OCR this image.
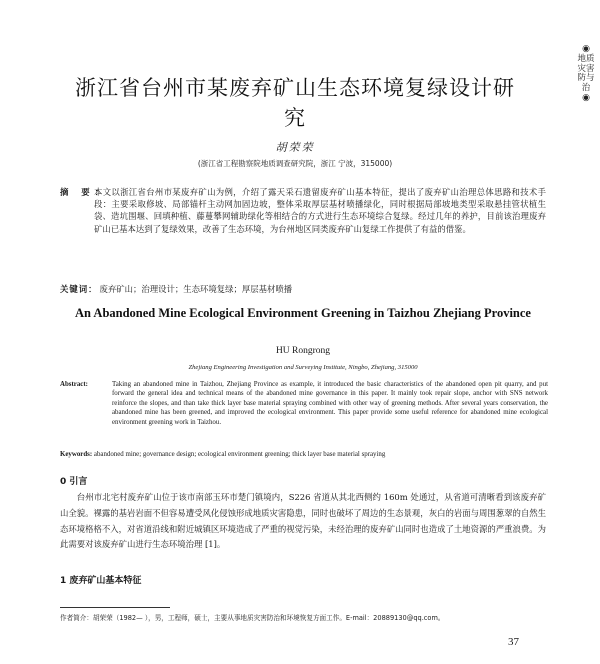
◉
地质灾害防与治
◉
浙江省台州市某废弃矿山生态环境复绿设计研究
胡荣荣
(浙江省工程勘察院地质调查研究院，浙江 宁波，315000)
摘 要：
本文以浙江省台州市某废弃矿山为例，介绍了露天采石遗留废弃矿山基本特征，提出了废弃矿山治理总体思路和技术手段：主要采取修坡、局部锚杆主动网加固边坡，整体采取厚层基材喷播绿化，同时根据局部坡地类型采取悬挂管状植生袋、造坑围堰、回填种植、藤蔓攀网辅助绿化等相结合的方式进行生态环境综合复绿。经过几年的养护，目前该治理废弃矿山已基本达到了复绿效果，改善了生态环境，为台州地区同类废弃矿山复绿工作提供了有益的借鉴。
关键词： 废弃矿山；治理设计；生态环境复绿；厚层基材喷播
An Abandoned Mine Ecological Environment Greening in Taizhou Zhejiang Province
HU Rongrong
Zhejiang Engineering Investigation and Surveying Institute, Ningbo, Zhejiang, 315000
Abstract:	Taking an abandoned mine in Taizhou, Zhejiang Province as example, it introduced the basic characteristics of the abandoned open pit quarry, and put forward the general idea and technical means of the abandoned mine governance in this paper. It mainly took repair slope, anchor with SNS network reinforce the slopes, and than take thick layer base material spraying combined with other way of greening methods. After several years conservation, the abandoned mine has been greened, and improved the ecological environment. This paper provide some useful reference for abandoned mine ecological environment greening work in Taizhou.
Keywords: abandoned mine; governance design; ecological environment greening; thick layer base material spraying
0 引言
台州市北宅村废弃矿山位于该市南部玉环市楚门镇境内，S226 省道从其北西侧约 160m 处通过，从省道可清晰看到该废弃矿山全貌。裸露的基岩岩面不但容易遭受风化侵蚀形成地质灾害隐患，同时也破坏了周边的生态景观，灰白的岩面与周围葱翠的自然生态环境格格不入，对省道沿线和附近城镇区环境造成了严重的视觉污染，未经治理的废弃矿山同时也造成了土地资源的严重浪费。为此需要对该废弃矿山进行生态环境治理 [1]。
1 废弃矿山基本特征
作者简介：胡荣荣（1982— ），男，工程师，硕士，主要从事地质灾害防治和环境恢复方面工作。E-mail：20889130@qq.com。
37
